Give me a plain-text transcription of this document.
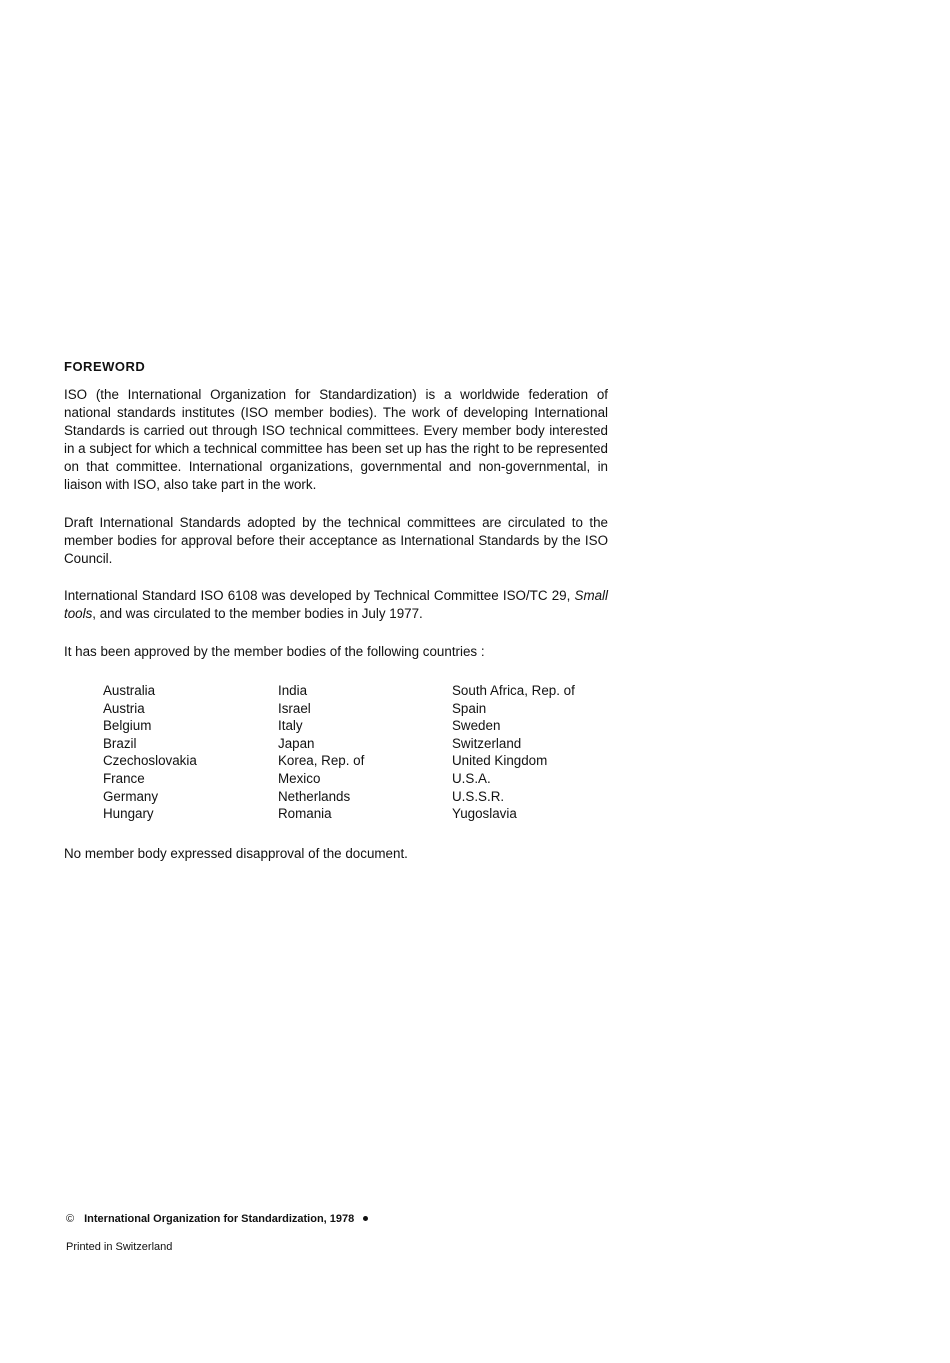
FOREWORD

ISO (the International Organization for Standardization) is a worldwide federation of national standards institutes (ISO member bodies). The work of developing International Standards is carried out through ISO technical committees. Every member body interested in a subject for which a technical committee has been set up has the right to be represented on that committee. International organizations, governmental and non-governmental, in liaison with ISO, also take part in the work.

Draft International Standards adopted by the technical committees are circulated to the member bodies for approval before their acceptance as International Standards by the ISO Council.

International Standard ISO 6108 was developed by Technical Committee ISO/TC 29, Small tools, and was circulated to the member bodies in July 1977.

It has been approved by the member bodies of the following countries :

Australia
Austria
Belgium
Brazil
Czechoslovakia
France
Germany
Hungary
India
Israel
Italy
Japan
Korea, Rep. of
Mexico
Netherlands
Romania
South Africa, Rep. of
Spain
Sweden
Switzerland
United Kingdom
U.S.A.
U.S.S.R.
Yugoslavia

No member body expressed disapproval of the document.

© International Organization for Standardization, 1978
Printed in Switzerland
